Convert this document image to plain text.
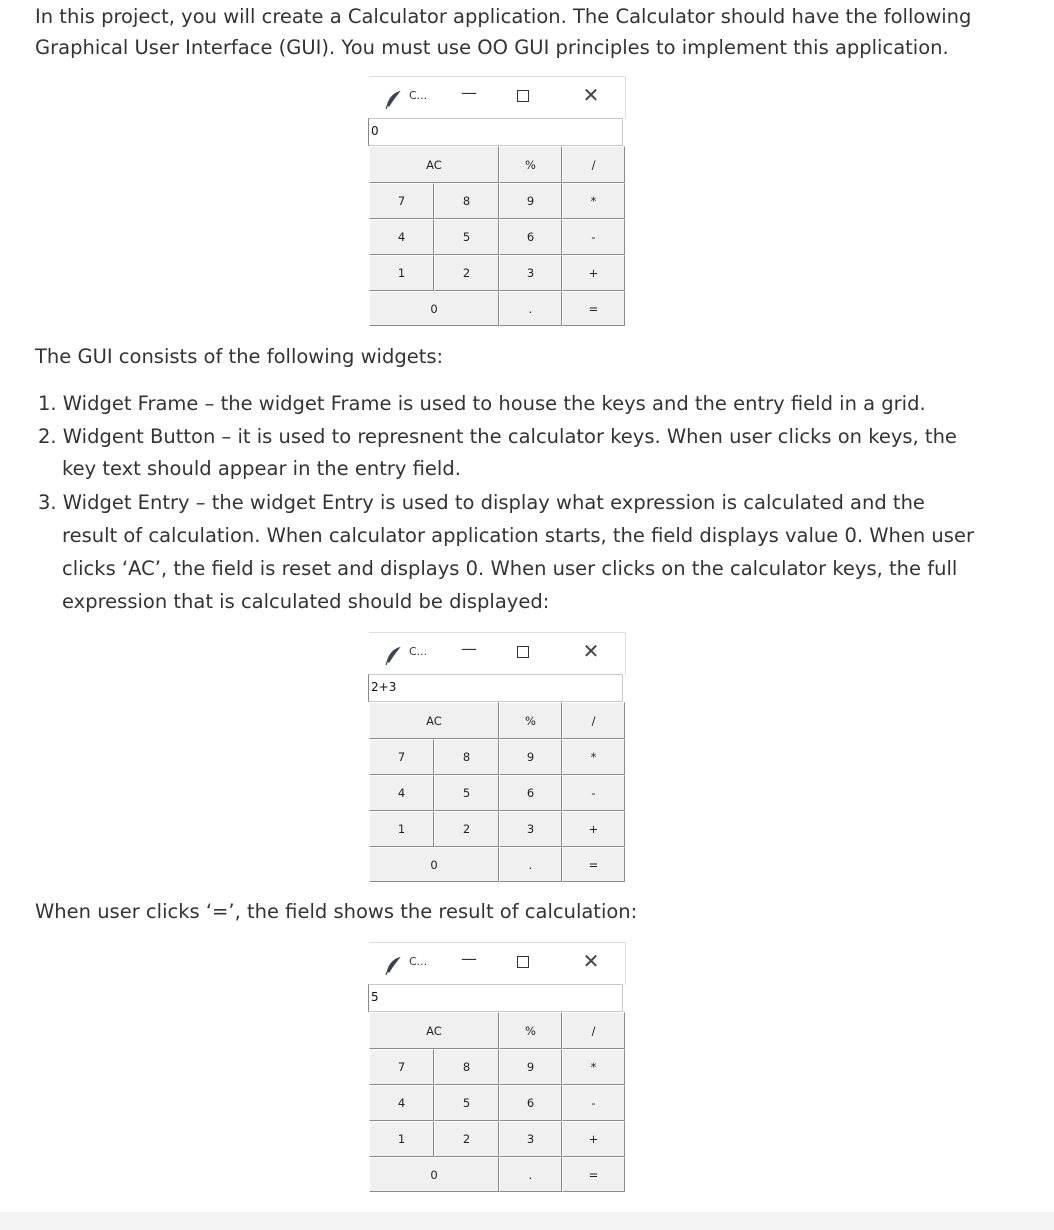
In this project, you will create a Calculator application. The Calculator should have the following

Graphical User Interface (GUI). You must use OO GUI principles to implement this application.

C... —	✕
0
AC	%	/
7	8	9	*
4	5	6	-
1	2	3	+
0	.	=

The GUI consists of the following widgets:

1. Widget Frame – the widget Frame is used to house the keys and the entry field in a grid.

2. Widgent Button – it is used to represnent the calculator keys. When user clicks on keys, the

key text should appear in the entry field.

3. Widget Entry – the widget Entry is used to display what expression is calculated and the

result of calculation. When calculator application starts, the field displays value 0. When user

clicks ‘AC’, the field is reset and displays 0. When user clicks on the calculator keys, the full

expression that is calculated should be displayed:

C... —	✕
2+3
AC	%	/
7	8	9	*
4	5	6	-
1	2	3	+
0	.	=

When user clicks ‘=’, the field shows the result of calculation:

C... —	✕
5
AC	%	/
7	8	9	*
4	5	6	-
1	2	3	+
0	.	=
